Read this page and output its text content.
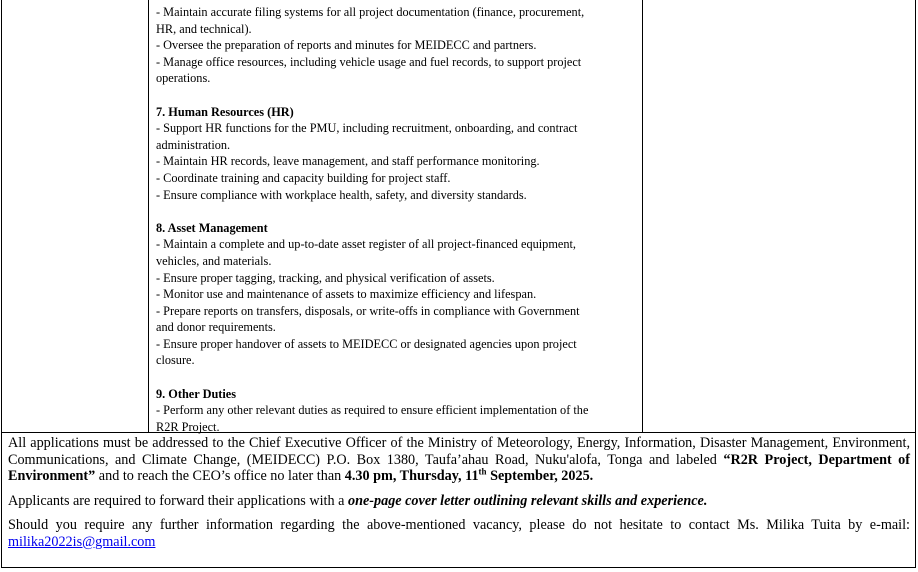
- Maintain accurate filing systems for all project documentation (finance, procurement,

HR, and technical).

- Oversee the preparation of reports and minutes for MEIDECC and partners.

- Manage office resources, including vehicle usage and fuel records, to support project

operations.

7. Human Resources (HR)

- Support HR functions for the PMU, including recruitment, onboarding, and contract

administration.

- Maintain HR records, leave management, and staff performance monitoring.

- Coordinate training and capacity building for project staff.

- Ensure compliance with workplace health, safety, and diversity standards.

8. Asset Management

- Maintain a complete and up-to-date asset register of all project-financed equipment,

vehicles, and materials.

- Ensure proper tagging, tracking, and physical verification of assets.

- Monitor use and maintenance of assets to maximize efficiency and lifespan.

- Prepare reports on transfers, disposals, or write-offs in compliance with Government

and donor requirements.

- Ensure proper handover of assets to MEIDECC or designated agencies upon project

closure.

9. Other Duties

- Perform any other relevant duties as required to ensure efficient implementation of the

R2R Project.

All applications must be addressed to the Chief Executive Officer of the Ministry of Meteorology, Energy, Information, Disaster Management, Environment, Communications, and Climate Change, (MEIDECC) P.O. Box 1380, Taufa’ahau Road, Nuku'alofa, Tonga and labeled “R2R Project, Department of Environment” and to reach the CEO’s office no later than 4.30 pm, Thursday, 11th September, 2025.

Applicants are required to forward their applications with a one-page cover letter outlining relevant skills and experience.

Should you require any further information regarding the above-mentioned vacancy, please do not hesitate to contact Ms. Milika Tuita by e-mail: milika2022is@gmail.com
